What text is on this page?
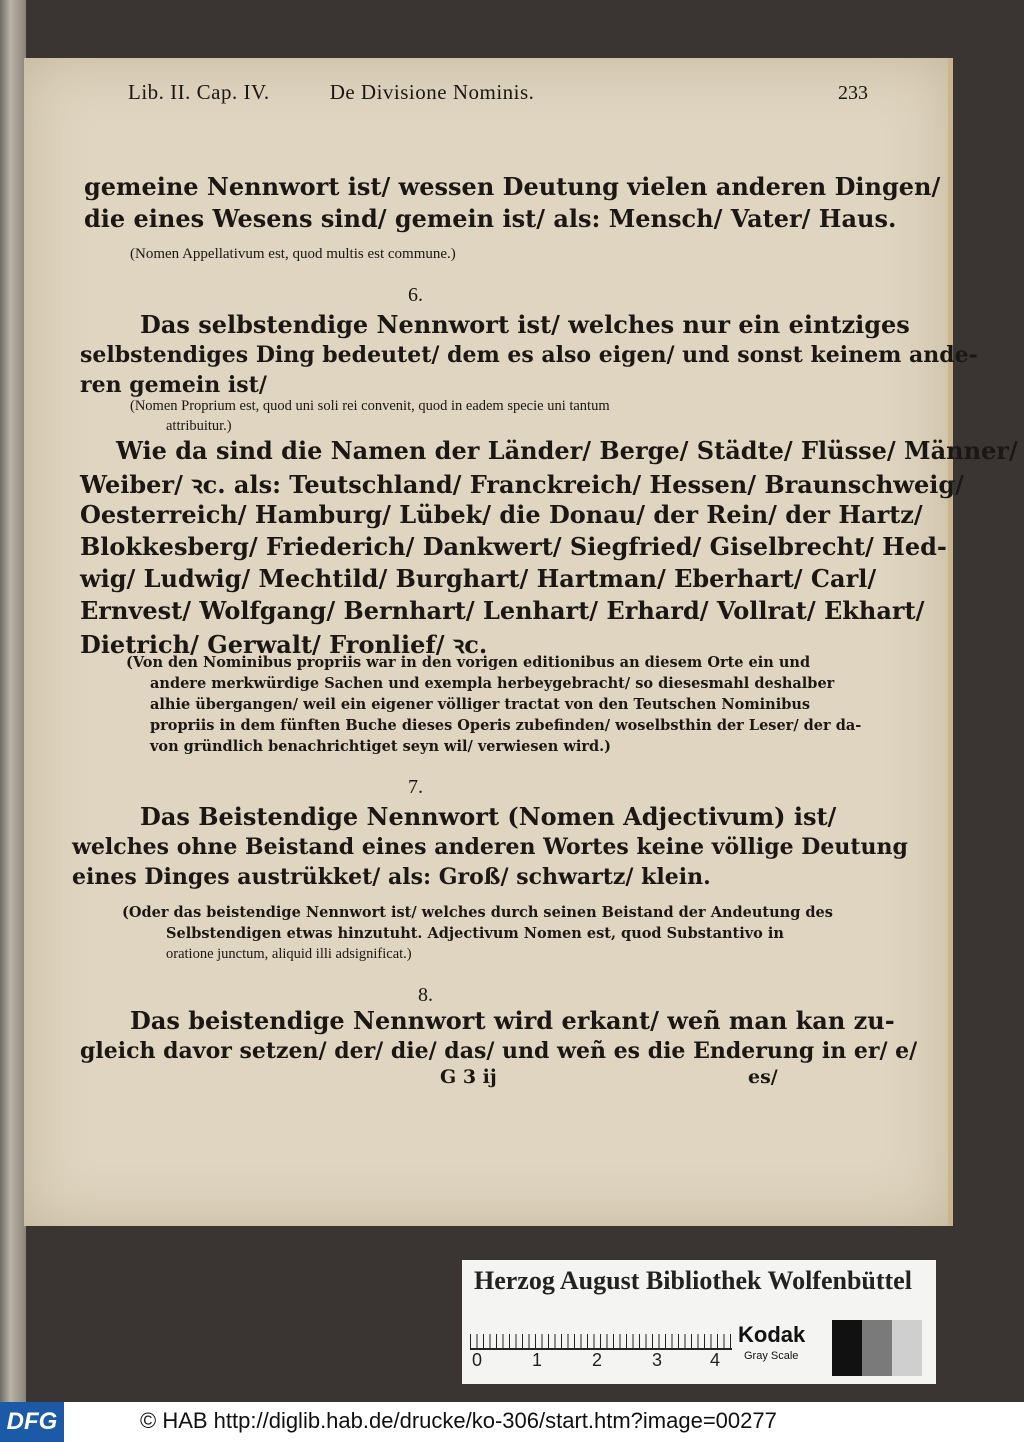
Lib. II. Cap. IV.	De Divisione Nominis.	233
gemeine Nennwort ist/ wessen Deutung vielen anderen Dingen/
die eines Wesens sind/ gemein ist/ als: Mensch/ Vater/ Haus.
(Nomen Appellativum est, quod multis est commune.)
6.
Das selbstendige Nennwort ist/ welches nur ein eintziges
selbstendiges Ding bedeutet/ dem es also eigen/ und sonst keinem ande-
ren gemein ist/
(Nomen Proprium est, quod uni soli rei convenit, quod in eadem specie uni tantum
attribuitur.)
Wie da sind die Namen der Länder/ Berge/ Städte/ Flüsse/ Männer/
Weiber/ ꝛc. als: Teutschland/ Franckreich/ Hessen/ Braunschweig/
Oesterreich/ Hamburg/ Lübek/ die Donau/ der Rein/ der Hartz/
Blokkesberg/ Friederich/ Dankwert/ Siegfried/ Giselbrecht/ Hed-
wig/ Ludwig/ Mechtild/ Burghart/ Hartman/ Eberhart/ Carl/
Ernvest/ Wolfgang/ Bernhart/ Lenhart/ Erhard/ Vollrat/ Ekhart/
Dietrich/ Gerwalt/ Fronlief/ ꝛc.
(Von den Nominibus propriis war in den vorigen editionibus an diesem Orte ein und
andere merkwürdige Sachen und exempla herbeygebracht/ so diesesmahl deshalber
alhie übergangen/ weil ein eigener völliger tractat von den Teutschen Nominibus
propriis in dem fünften Buche dieses Operis zubefinden/ woselbsthin der Leser/ der da-
von gründlich benachrichtiget seyn wil/ verwiesen wird.)
7.
Das Beistendige Nennwort (Nomen Adjectivum) ist/
welches ohne Beistand eines anderen Wortes keine völlige Deutung
eines Dinges austrükket/ als: Groß/ schwartz/ klein.
(Oder das beistendige Nennwort ist/ welches durch seinen Beistand der Andeutung des
Selbstendigen etwas hinzutuht. Adjectivum Nomen est, quod Substantivo in
oratione junctum, aliquid illi adsignificat.)
8.
Das beistendige Nennwort wird erkant/ weñ man kan zu-
gleich davor setzen/ der/ die/ das/ und weñ es die Enderung in er/ e/
G 3 ij	es/
Herzog August Bibliothek Wolfenbüttel
0	1	2	3	4
Kodak
Gray Scale
DFG	© HAB http://diglib.hab.de/drucke/ko-306/start.htm?image=00277
